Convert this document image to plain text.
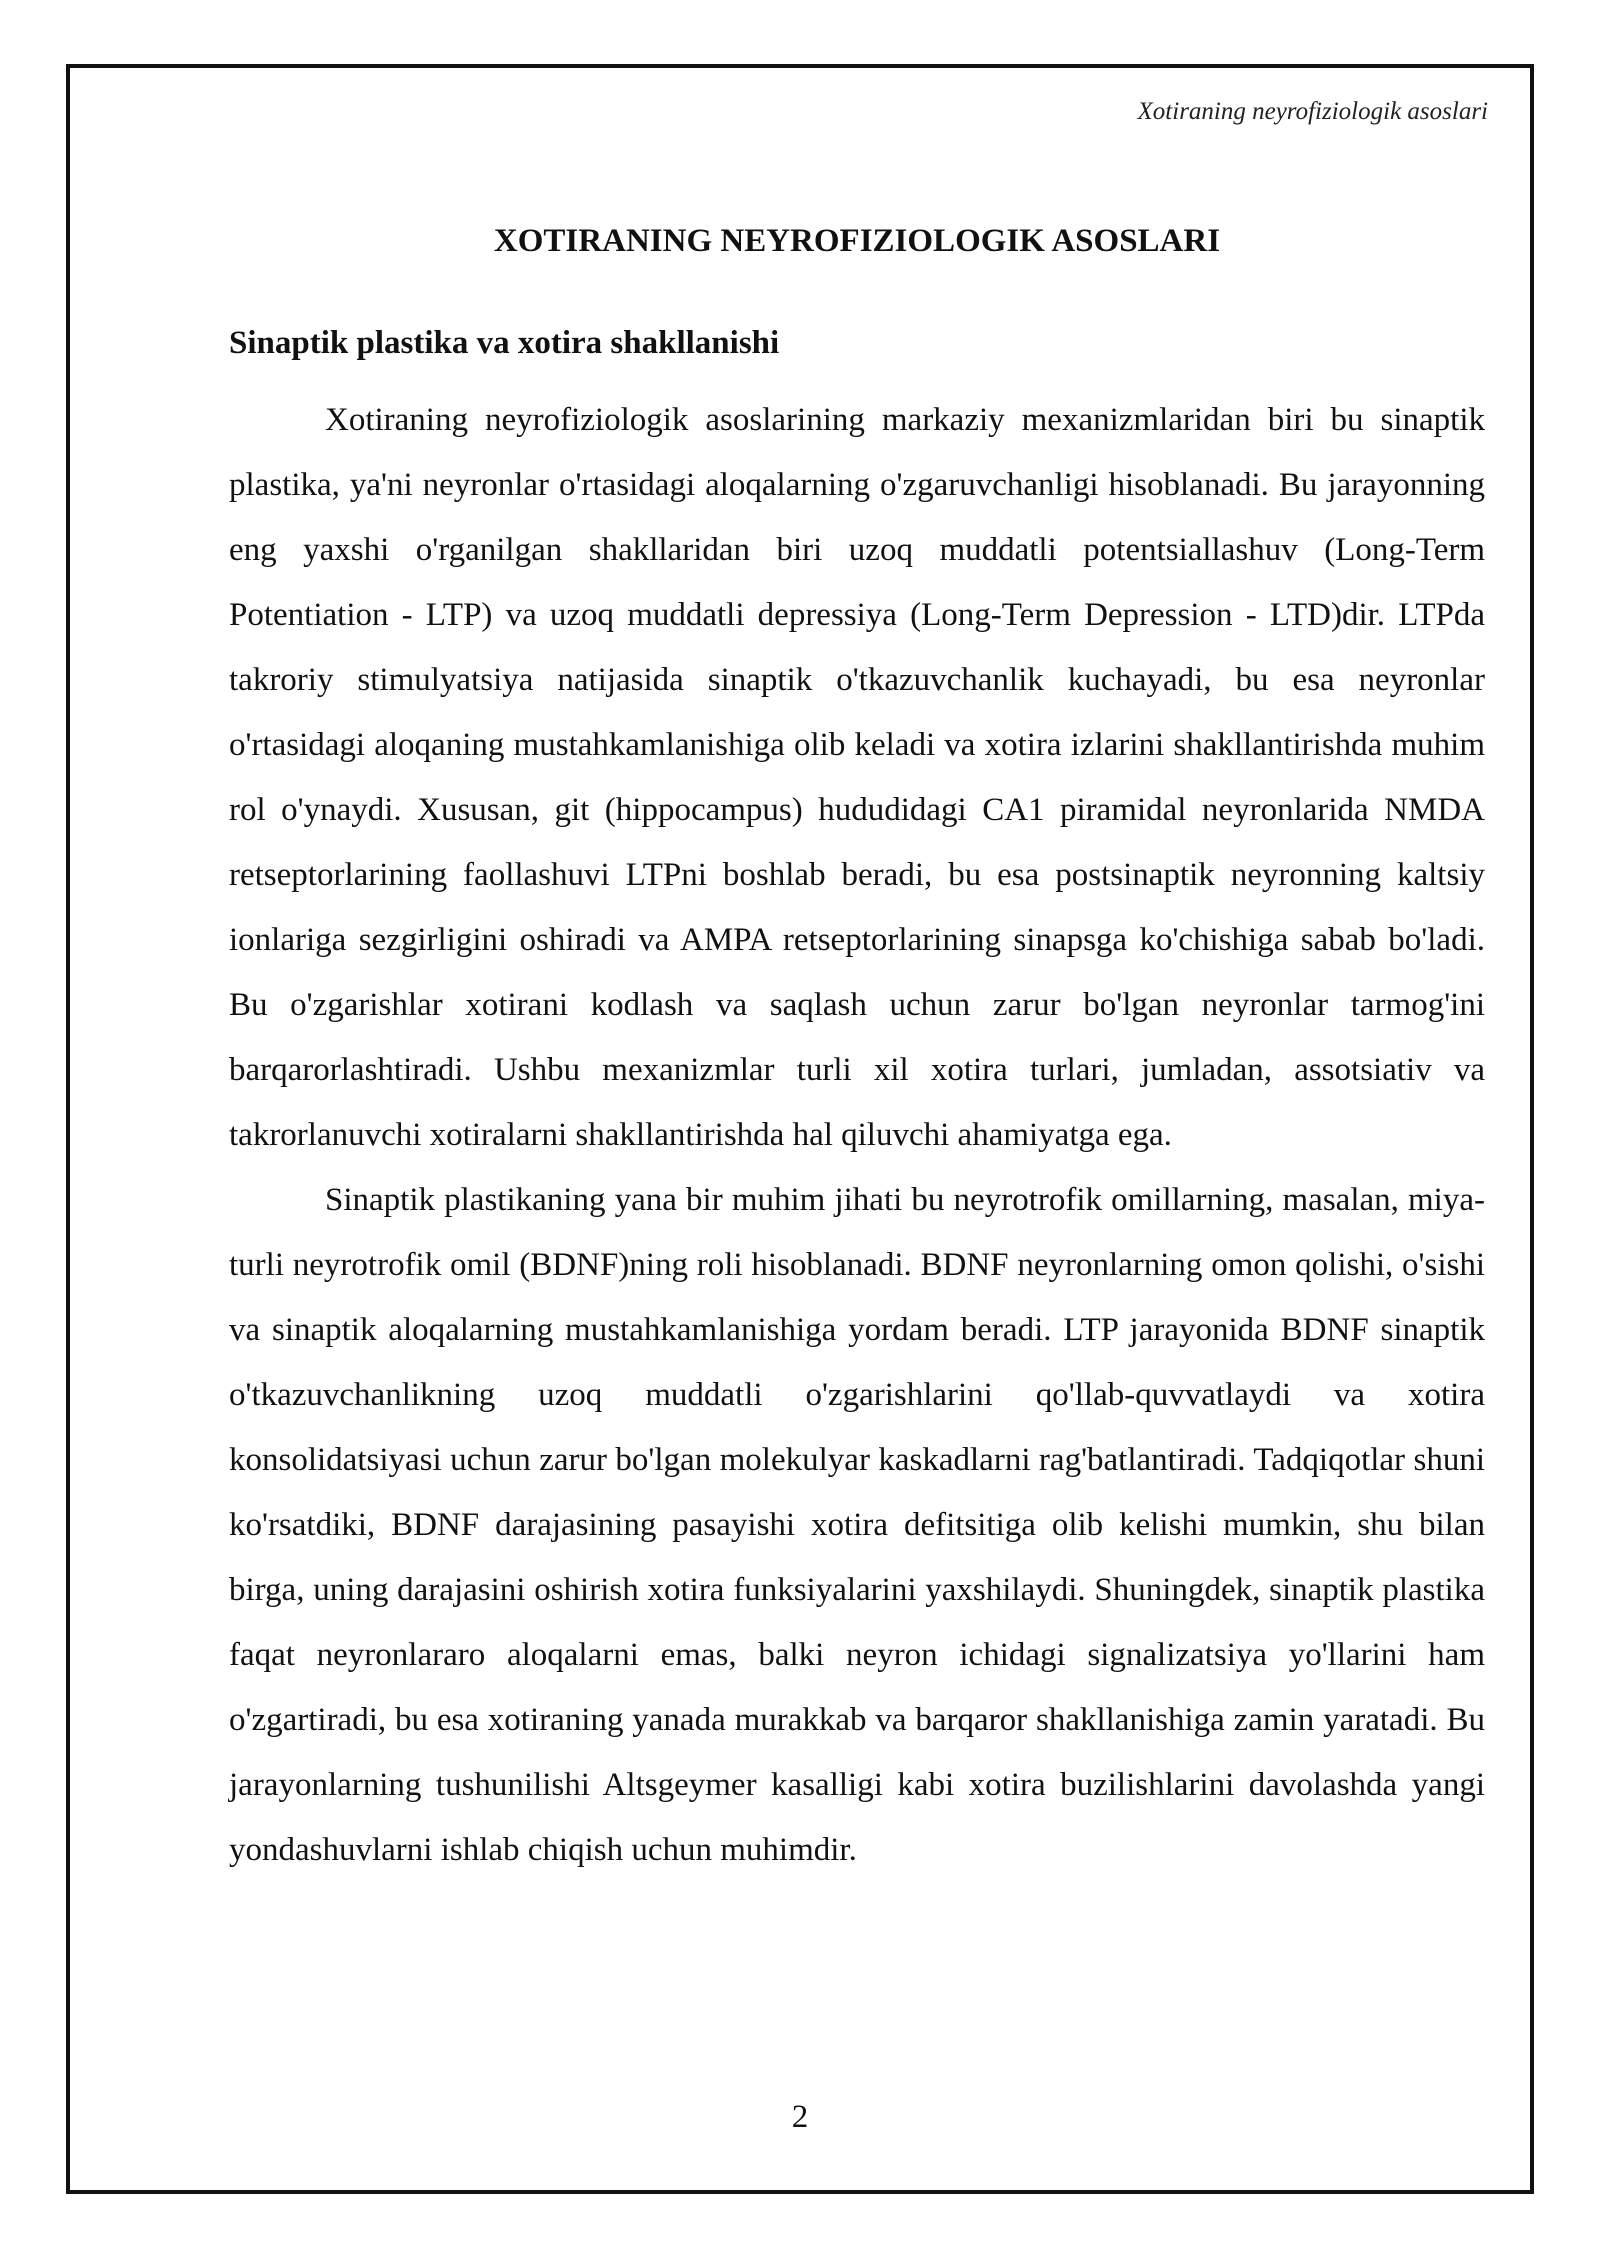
Xotiraning neyrofiziologik asoslari
XOTIRANING NEYROFIZIOLOGIK ASOSLARI
Sinaptik plastika va xotira shakllanishi

Xotiraning neyrofiziologik asoslarining markaziy mexanizmlaridan biri bu sinaptik plastika, ya'ni neyronlar o'rtasidagi aloqalarning o'zgaruvchanligi hisoblanadi. Bu jarayonning eng yaxshi o'rganilgan shakllaridan biri uzoq muddatli potentsiallashuv (Long-Term Potentiation - LTP) va uzoq muddatli depressiya (Long-Term Depression - LTD)dir. LTPda takroriy stimulyatsiya natijasida sinaptik o'tkazuvchanlik kuchayadi, bu esa neyronlar o'rtasidagi aloqaning mustahkamlanishiga olib keladi va xotira izlarini shakllantirishda muhim rol o'ynaydi. Xususan, git (hippocampus) hududidagi CA1 piramidal neyronlarida NMDA retseptorlarining faollashuvi LTPni boshlab beradi, bu esa postsinaptik neyronning kaltsiy ionlariga sezgirligini oshiradi va AMPA retseptorlarining sinapsga ko'chishiga sabab bo'ladi. Bu o'zgarishlar xotirani kodlash va saqlash uchun zarur bo'lgan neyronlar tarmog'ini barqarorlashtiradi. Ushbu mexanizmlar turli xil xotira turlari, jumladan, assotsiativ va takrorlanuvchi xotiralarni shakllantirishda hal qiluvchi ahamiyatga ega.

Sinaptik plastikaning yana bir muhim jihati bu neyrotrofik omillarning, masalan, miya-turli neyrotrofik omil (BDNF)ning roli hisoblanadi. BDNF neyronlarning omon qolishi, o'sishi va sinaptik aloqalarning mustahkamlanishiga yordam beradi. LTP jarayonida BDNF sinaptik o'tkazuvchanlikning uzoq muddatli o'zgarishlarini qo'llab-quvvatlaydi va xotira konsolidatsiyasi uchun zarur bo'lgan molekulyar kaskadlarni rag'batlantiradi. Tadqiqotlar shuni ko'rsatdiki, BDNF darajasining pasayishi xotira defitsitiga olib kelishi mumkin, shu bilan birga, uning darajasini oshirish xotira funksiyalarini yaxshilaydi. Shuningdek, sinaptik plastika faqat neyronlararo aloqalarni emas, balki neyron ichidagi signalizatsiya yo'llarini ham o'zgartiradi, bu esa xotiraning yanada murakkab va barqaror shakllanishiga zamin yaratadi. Bu jarayonlarning tushunilishi Altsgeymer kasalligi kabi xotira buzilishlarini davolashda yangi yondashuvlarni ishlab chiqish uchun muhimdir.

2
